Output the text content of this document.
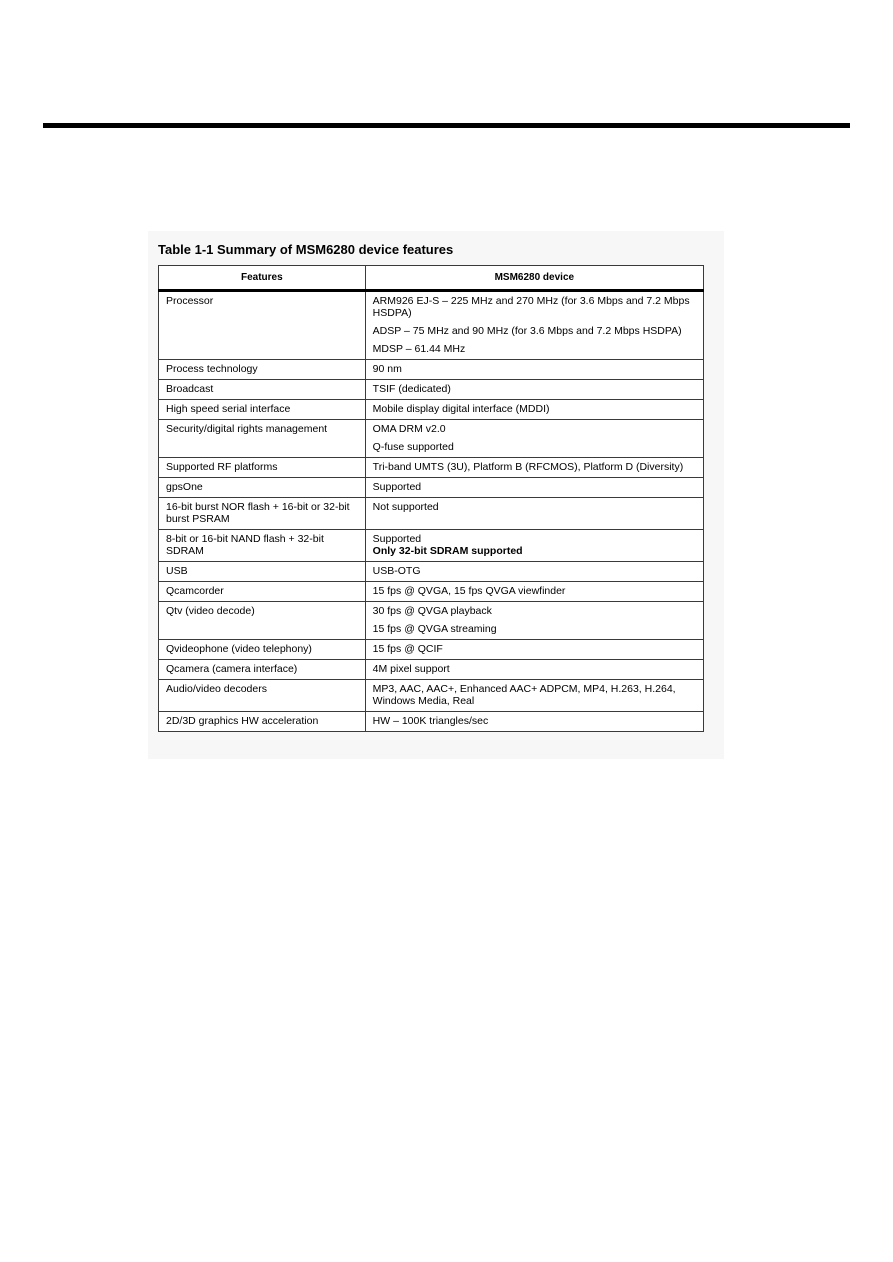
Table 1-1 Summary of MSM6280 device features
Features	MSM6280 device
Processor	ARM926 EJ-S – 225 MHz and 270 MHz (for 3.6 Mbps and 7.2 Mbps HSDPA)
ADSP – 75 MHz and 90 MHz (for 3.6 Mbps and 7.2 Mbps HSDPA)
MDSP – 61.44 MHz

Process technology	90 nm

Broadcast	TSIF (dedicated)

High speed serial interface	Mobile display digital interface (MDDI)

Security/digital rights management	OMA DRM v2.0
Q-fuse supported

Supported RF platforms	Tri-band UMTS (3U), Platform B (RFCMOS), Platform D (Diversity)

gpsOne	Supported

16-bit burst NOR flash + 16-bit or 32-bit burst PSRAM	Not supported

8-bit or 16-bit NAND flash + 32-bit SDRAM	Supported
Only 32-bit SDRAM supported

USB	USB-OTG

Qcamcorder	15 fps @ QVGA, 15 fps QVGA viewfinder

Qtv (video decode)	30 fps @ QVGA playback
15 fps @ QVGA streaming

Qvideophone (video telephony)	15 fps @ QCIF

Qcamera (camera interface)	4M pixel support

Audio/video decoders	MP3, AAC, AAC+, Enhanced AAC+ ADPCM, MP4, H.263, H.264, Windows Media, Real

2D/3D graphics HW acceleration	HW – 100K triangles/sec
